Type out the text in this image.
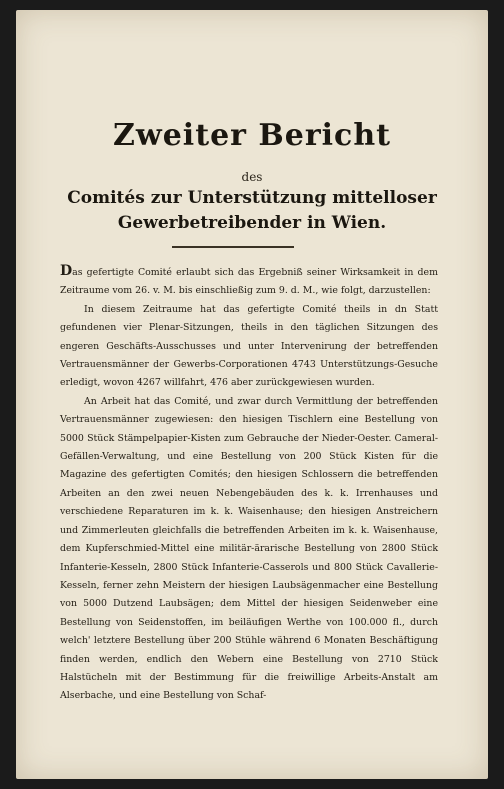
Zweiter Bericht
des
Comités zur Unterstützung mittelloser
Gewerbetreibender in Wien.

Das gefertigte Comité erlaubt sich das Ergebniß seiner Wirksamkeit in dem Zeitraume vom 26. v. M. bis einschließig zum 9. d. M., wie folgt, darzustellen:

In diesem Zeitraume hat das gefertigte Comité theils in dn Statt gefundenen vier Plenar-Sitzungen, theils in den täglichen Sitzungen des engeren Geschäfts-Ausschusses und unter Intervenirung der betreffenden Vertrauensmänner der Gewerbs-Corporationen 4743 Unterstützungs-Gesuche erledigt, wovon 4267 willfahrt, 476 aber zurückgewiesen wurden.

An Arbeit hat das Comité, und zwar durch Vermittlung der betreffenden Vertrauensmänner zugewiesen: den hiesigen Tischlern eine Bestellung von 5000 Stück Stämpelpapier-Kisten zum Gebrauche der Nieder-Oester. Cameral-Gefällen-Verwaltung, und eine Bestellung von 200 Stück Kisten für die Magazine des gefertigten Comités; den hiesigen Schlossern die betreffenden Arbeiten an den zwei neuen Nebengebäuden des k. k. Irrenhauses und verschiedene Reparaturen im k. k. Waisenhause; den hiesigen Anstreichern und Zimmerleuten gleichfalls die betreffenden Arbeiten im k. k. Waisenhause, dem Kupferschmied-Mittel eine militär-ärarische Bestellung von 2800 Stück Infanterie-Kesseln, 2800 Stück Infanterie-Casserols und 800 Stück Cavallerie-Kesseln, ferner zehn Meistern der hiesigen Laubsägenmacher eine Bestellung von 5000 Dutzend Laubsägen; dem Mittel der hiesigen Seidenweber eine Bestellung von Seidenstoffen, im beiläufigen Werthe von 100.000 fl., durch welch' letztere Bestellung über 200 Stühle während 6 Monaten Beschäftigung finden werden, endlich den Webern eine Bestellung von 2710 Stück Halstücheln mit der Bestimmung für die freiwillige Arbeits-Anstalt am Alserbache, und eine Bestellung von Schaf-
